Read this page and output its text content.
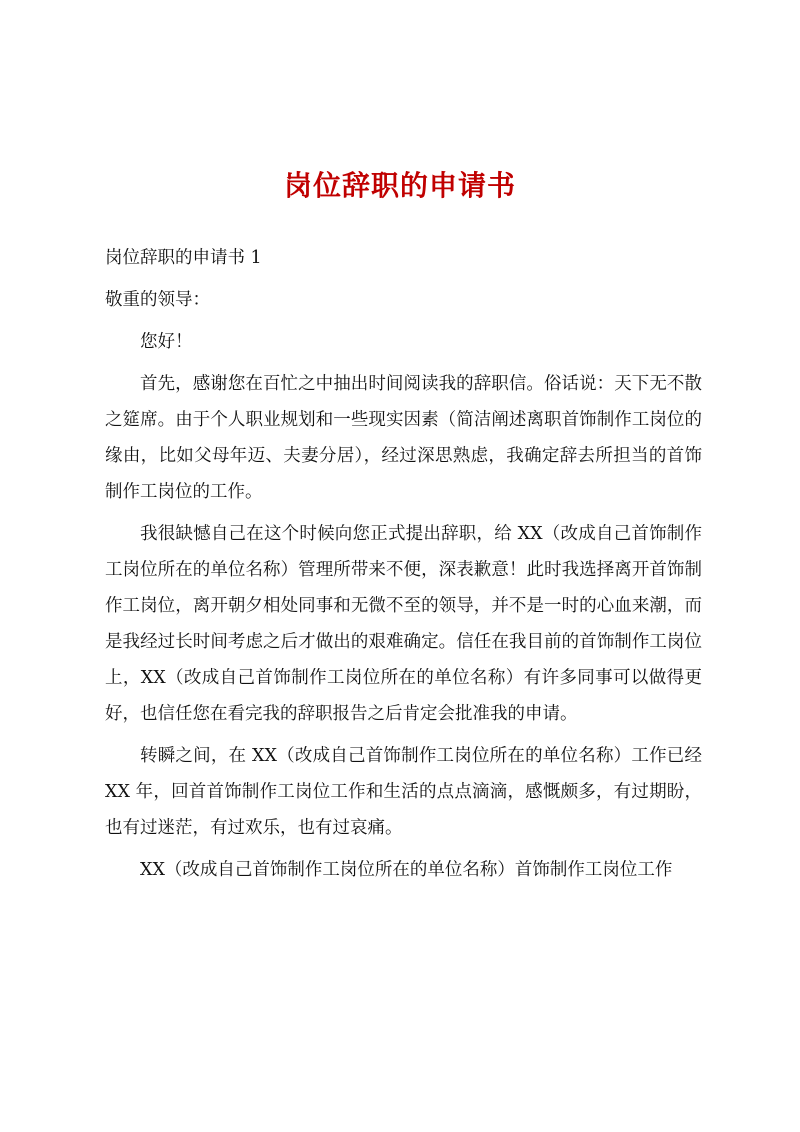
岗位辞职的申请书

岗位辞职的申请书 1

敬重的领导：

您好！

首先，感谢您在百忙之中抽出时间阅读我的辞职信。俗话说：天下无不散之筵席。由于个人职业规划和一些现实因素（简洁阐述离职首饰制作工岗位的缘由，比如父母年迈、夫妻分居），经过深思熟虑，我确定辞去所担当的首饰制作工岗位的工作。

我很缺憾自己在这个时候向您正式提出辞职，给 XX（改成自己首饰制作工岗位所在的单位名称）管理所带来不便，深表歉意！此时我选择离开首饰制作工岗位，离开朝夕相处同事和无微不至的领导，并不是一时的心血来潮，而是我经过长时间考虑之后才做出的艰难确定。信任在我目前的首饰制作工岗位上，XX（改成自己首饰制作工岗位所在的单位名称）有许多同事可以做得更好，也信任您在看完我的辞职报告之后肯定会批准我的申请。

转瞬之间，在 XX（改成自己首饰制作工岗位所在的单位名称）工作已经 XX 年，回首首饰制作工岗位工作和生活的点点滴滴，感慨颇多，有过期盼，也有过迷茫，有过欢乐，也有过哀痛。

XX（改成自己首饰制作工岗位所在的单位名称）首饰制作工岗位工作
